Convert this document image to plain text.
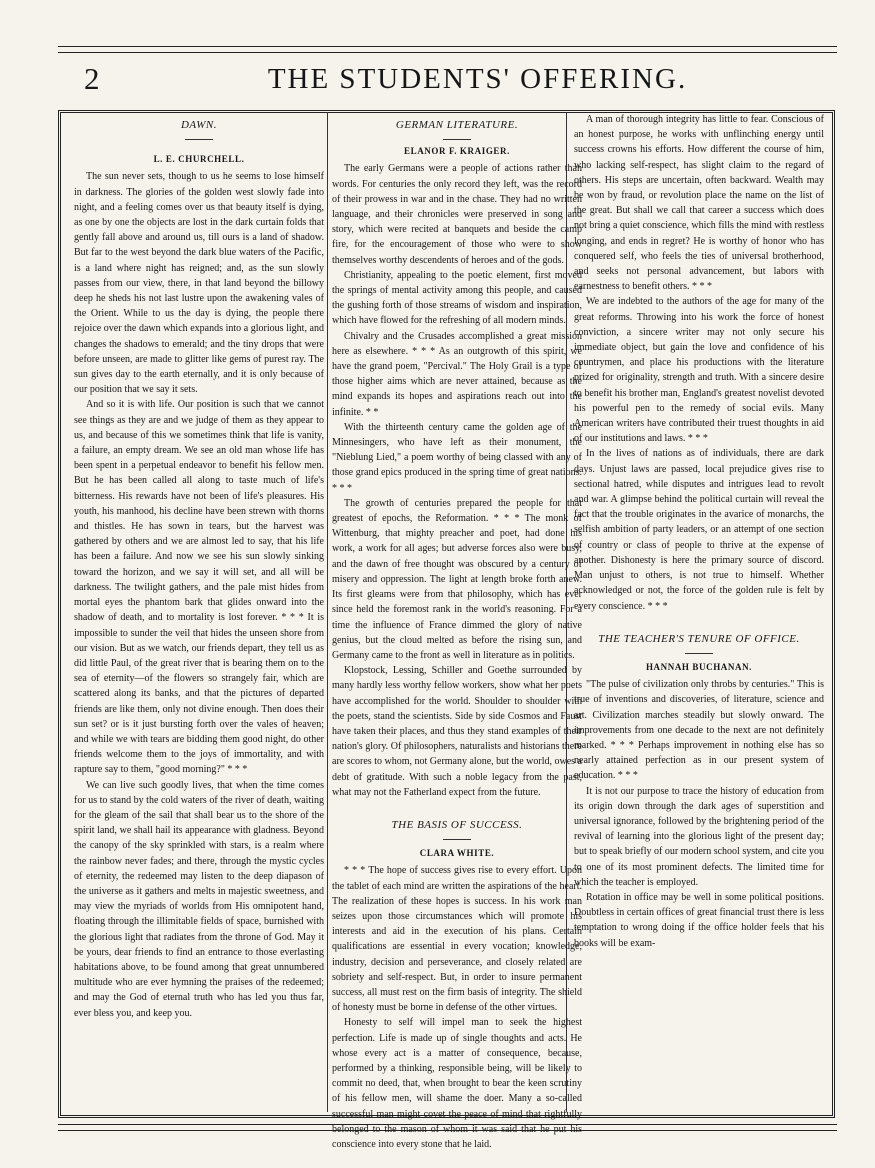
2	THE STUDENTS' OFFERING.
DAWN.
L. E. CHURCHELL.

The sun never sets, though to us he seems to lose himself in darkness. The glories of the golden west slowly fade into night, and a feeling comes over us that beauty itself is dying, as one by one the objects are lost in the dark curtain folds that gently fall above and around us, till ours is a land of shadow. But far to the west beyond the dark blue waters of the Pacific, is a land where night has reigned; and, as the sun slowly passes from our view, there, in that land beyond the billowy deep he sheds his not last lustre upon the awakening vales of the Orient. While to us the day is dying, the people there rejoice over the dawn which expands into a glorious light, and changes the shadows to emerald; and the tiny drops that were before unseen, are made to glitter like gems of purest ray. The sun gives day to the earth eternally, and it is only because of our position that we say it sets.

And so it is with life. Our position is such that we cannot see things as they are and we judge of them as they appear to us, and because of this we sometimes think that life is vanity, a failure, an empty dream. We see an old man whose life has been spent in a perpetual endeavor to benefit his fellow men. But he has been called all along to taste much of life's bitterness. His rewards have not been of life's pleasures. His youth, his manhood, his decline have been strewn with thorns and thistles. He has sown in tears, but the harvest was gathered by others and we are almost led to say, that his life has been a failure. And now we see his sun slowly sinking toward the horizon, and we say it will set, and all will be darkness. The twilight gathers, and the pale mist hides from mortal eyes the phantom bark that glides onward into the shadow of death, and to mortality is lost forever. * * * It is impossible to sunder the veil that hides the unseen shore from our vision. But as we watch, our friends depart, they tell us as did little Paul, of the great river that is bearing them on to the sea of eternity—of the flowers so strangely fair, which are scattered along its banks, and that the pictures of departed friends are like them, only not divine enough. Then does their sun set? or is it just bursting forth over the vales of heaven; and while we with tears are bidding them good night, do other friends welcome them to the joys of immortality, and with rapture say to them, "good morning?" * * *

We can live such goodly lives, that when the time comes for us to stand by the cold waters of the river of death, waiting for the gleam of the sail that shall bear us to the shore of the spirit land, we shall hail its appearance with gladness. Beyond the canopy of the sky sprinkled with stars, is a realm where the rainbow never fades; and there, through the mystic cycles of eternity, the redeemed may listen to the deep diapason of the universe as it gathers and melts in majestic sweetness, and may view the myriads of worlds from His omnipotent hand, floating through the illimitable fields of space, burnished with the glorious light that radiates from the throne of God. May it be yours, dear friends to find an entrance to those everlasting habitations above, to be found among that great unnumbered multitude who are ever hymning the praises of the redeemed; and may the God of eternal truth who has led you thus far, ever bless you, and keep you.

GERMAN LITERATURE.
ELANOR F. KRAIGER.

The early Germans were a people of actions rather than words. For centuries the only record they left, was the record of their prowess in war and in the chase. They had no written language, and their chronicles were preserved in song and story, which were recited at banquets and beside the camp fire, for the encouragement of those who were to show themselves worthy descendents of heroes and of the gods.

Christianity, appealing to the poetic element, first moved the springs of mental activity among this people, and caused the gushing forth of those streams of wisdom and inspiration, which have flowed for the refreshing of all modern minds.

Chivalry and the Crusades accomplished a great mission here as elsewhere. * * * As an outgrowth of this spirit, we have the grand poem, "Percival." The Holy Grail is a type of those higher aims which are never attained, because as the mind expands its hopes and aspirations reach out into the infinite. * *

With the thirteenth century came the golden age of the Minnesingers, who have left as their monument, the "Nieblung Lied," a poem worthy of being classed with any of those grand epics produced in the spring time of great nations. * * *

The growth of centuries prepared the people for that greatest of epochs, the Reformation. * * * The monk of Wittenburg, that mighty preacher and poet, had done his work, a work for all ages; but adverse forces also were busy, and the dawn of free thought was obscured by a century of misery and oppression. The light at length broke forth anew. Its first gleams were from that philosophy, which has ever since held the foremost rank in the world's reasoning. For a time the influence of France dimmed the glory of native genius, but the cloud melted as before the rising sun, and Germany came to the front as well in literature as in politics.

Klopstock, Lessing, Schiller and Goethe surrounded by many hardly less worthy fellow workers, show what her poets have accomplished for the world. Shoulder to shoulder with the poets, stand the scientists. Side by side Cosmos and Faust have taken their places, and thus they stand examples of their nation's glory. Of philosophers, naturalists and historians there are scores to whom, not Germany alone, but the world, owes a debt of gratitude. With such a noble legacy from the past, what may not the Fatherland expect from the future.

THE BASIS OF SUCCESS.
CLARA WHITE.

* * * The hope of success gives rise to every effort. Upon the tablet of each mind are written the aspirations of the heart. The realization of these hopes is success. In his work man seizes upon those circumstances which will promote his interests and aid in the execution of his plans. Certain qualifications are essential in every vocation; knowledge, industry, decision and perseverance, and closely related are sobriety and self-respect. But, in order to insure permanent success, all must rest on the firm basis of integrity. The shield of honesty must be borne in defense of the other virtues.

Honesty to self will impel man to seek the highest perfection. Life is made up of single thoughts and acts. He whose every act is a matter of consequence, because, performed by a thinking, responsible being, will be likely to commit no deed, that, when brought to bear the keen scrutiny of his fellow men, will shame the doer. Many a so-called successful man might covet the peace of mind that rightfully belonged to the mason of whom it was said that he put his conscience into every stone that he laid.

A man of thorough integrity has little to fear. Conscious of an honest purpose, he works with unflinching energy until success crowns his efforts. How different the course of him, who lacking self-respect, has slight claim to the regard of others. His steps are uncertain, often backward. Wealth may be won by fraud, or revolution place the name on the list of the great. But shall we call that career a success which does not bring a quiet conscience, which fills the mind with restless longing, and ends in regret? He is worthy of honor who has conquered self, who feels the ties of universal brotherhood, and seeks not personal advancement, but labors with earnestness to benefit others. * * *

We are indebted to the authors of the age for many of the great reforms. Throwing into his work the force of honest conviction, a sincere writer may not only secure his immediate object, but gain the love and confidence of his countrymen, and place his productions with the literature prized for originality, strength and truth. With a sincere desire to benefit his brother man, England's greatest novelist devoted his powerful pen to the remedy of social evils. Many American writers have contributed their truest thoughts in aid of our institutions and laws. * * *

In the lives of nations as of individuals, there are dark days. Unjust laws are passed, local prejudice gives rise to sectional hatred, while disputes and intrigues lead to revolt and war. A glimpse behind the political curtain will reveal the fact that the trouble originates in the avarice of monarchs, the selfish ambition of party leaders, or an attempt of one section of country or class of people to thrive at the expense of another. Dishonesty is here the primary source of discord. Man unjust to others, is not true to himself. Whether acknowledged or not, the force of the golden rule is felt by every conscience. * * *

THE TEACHER'S TENURE OF OFFICE.
HANNAH BUCHANAN.

"The pulse of civilization only throbs by centuries." This is true of inventions and discoveries, of literature, science and art. Civilization marches steadily but slowly onward. The improvements from one decade to the next are not definitely marked. * * * Perhaps improvement in nothing else has so nearly attained perfection as in our present system of education. * * *

It is not our purpose to trace the history of education from its origin down through the dark ages of superstition and universal ignorance, followed by the brightening period of the revival of learning into the glorious light of the present day; but to speak briefly of our modern school system, and cite you to one of its most prominent defects. The limited time for which the teacher is employed.

Rotation in office may be well in some political positions. Doubtless in certain offices of great financial trust there is less temptation to wrong doing if the office holder feels that his books will be exam-
